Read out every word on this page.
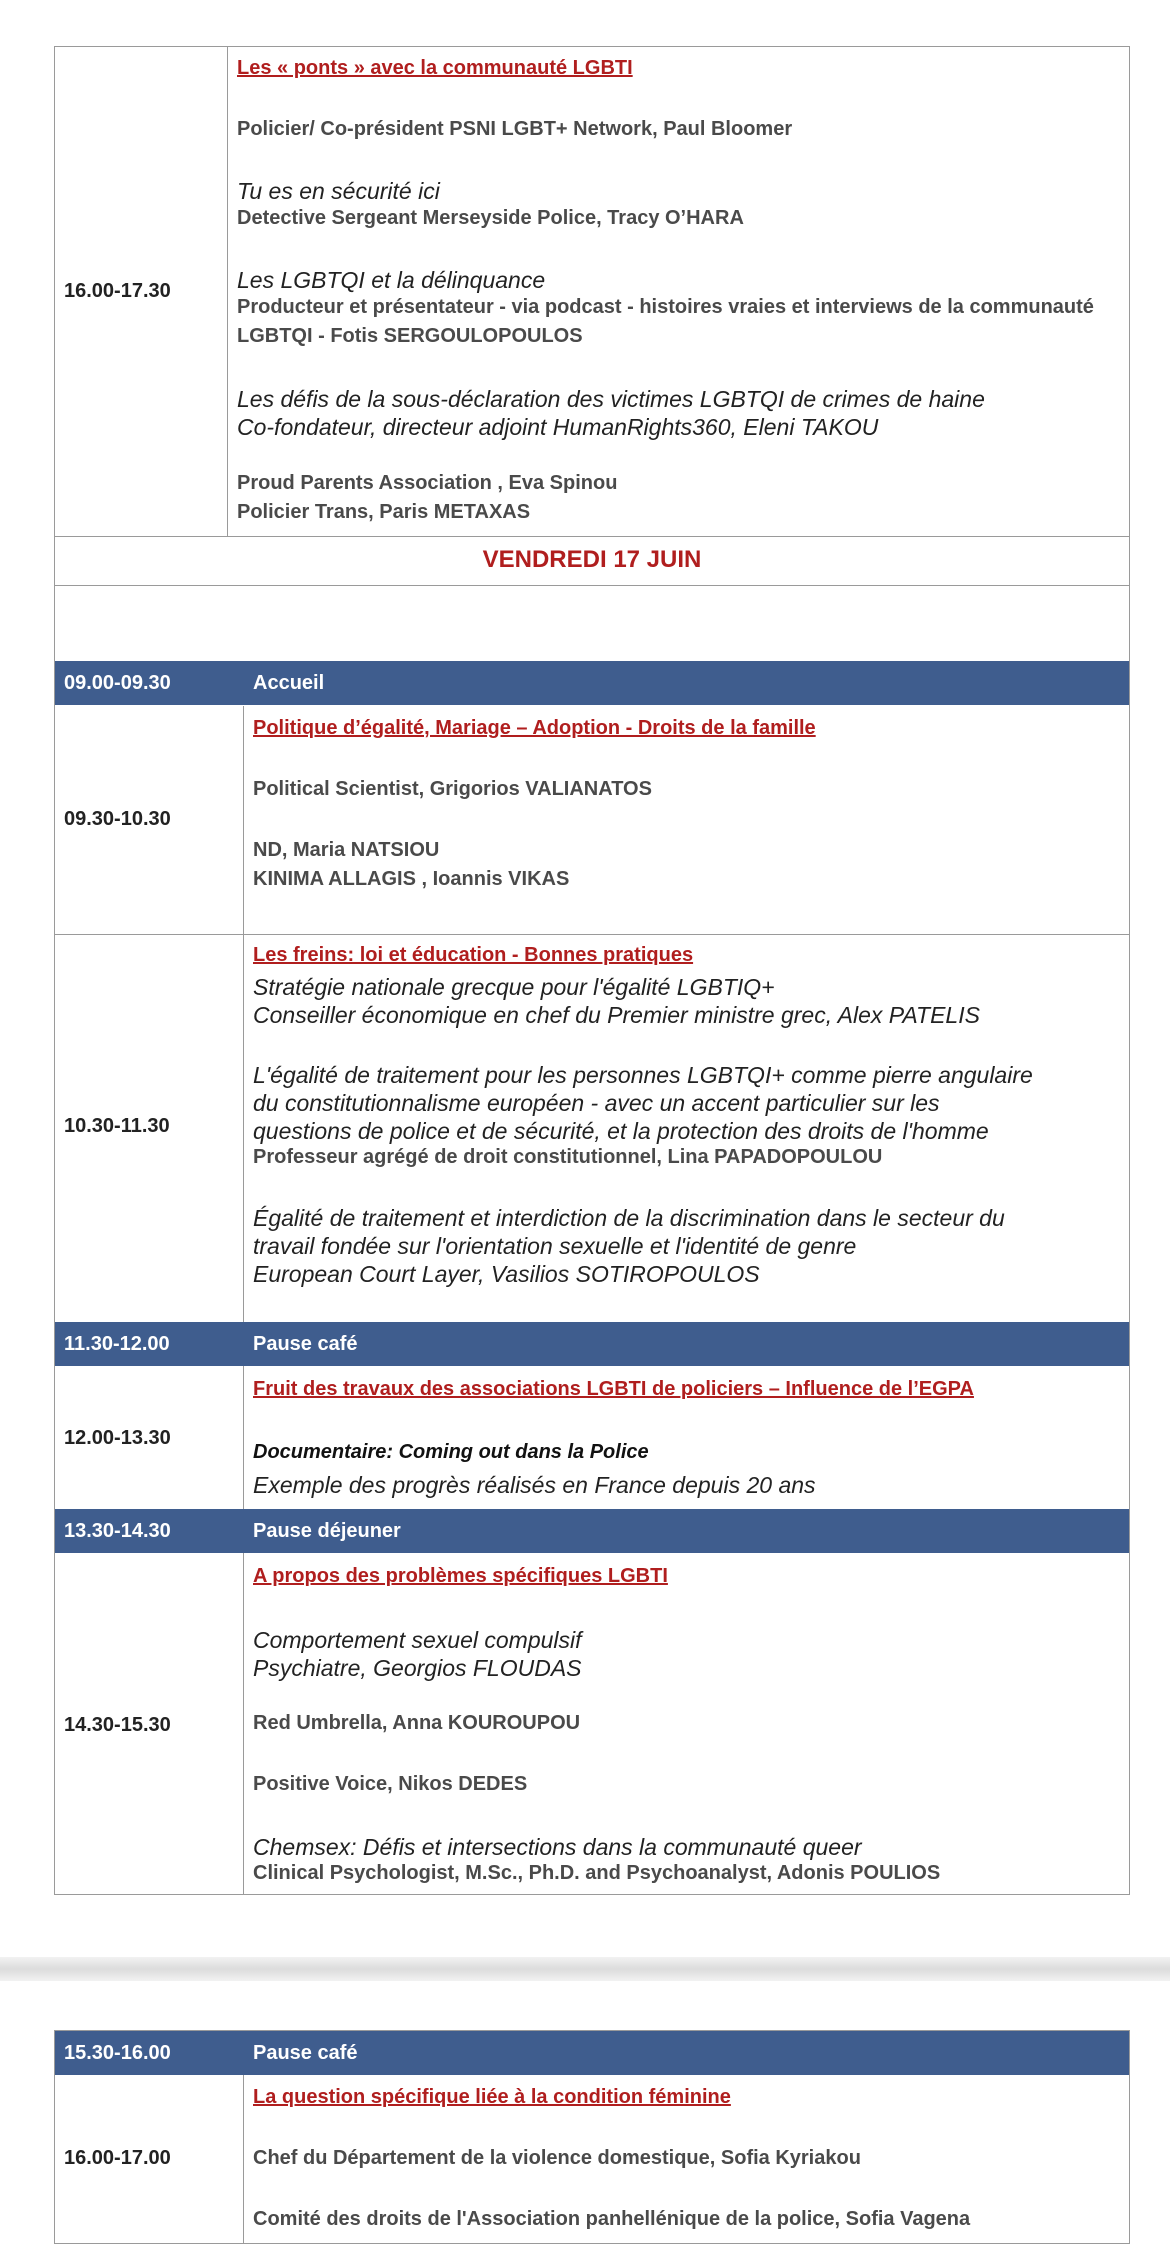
16.00-17.30
Les « ponts » avec la communauté LGBTI
Policier/ Co-président PSNI LGBT+ Network, Paul Bloomer
Tu es en sécurité ici
Detective Sergeant Merseyside Police, Tracy O’HARA
Les LGBTQI et la délinquance
Producteur et présentateur - via podcast - histoires vraies et interviews de la communauté
LGBTQI - Fotis SERGOULOPOULOS
Les défis de la sous-déclaration des victimes LGBTQI de crimes de haine
Co-fondateur, directeur adjoint HumanRights360, Eleni TAKOU
Proud Parents Association , Eva Spinou
Policier Trans, Paris METAXAS
VENDREDI 17 JUIN
09.00-09.30	Accueil
09.30-10.30
Politique d’égalité, Mariage – Adoption - Droits de la famille
Political Scientist, Grigorios VALIANATOS
ND, Maria NATSIOU
KINIMA ALLAGIS , Ioannis VIKAS
10.30-11.30
Les freins: loi et éducation - Bonnes pratiques
Stratégie nationale grecque pour l'égalité LGBTIQ+
Conseiller économique en chef du Premier ministre grec, Alex PATELIS
L'égalité de traitement pour les personnes LGBTQI+ comme pierre angulaire
du constitutionnalisme européen - avec un accent particulier sur les
questions de police et de sécurité, et la protection des droits de l'homme
Professeur agrégé de droit constitutionnel, Lina PAPADOPOULOU
Égalité de traitement et interdiction de la discrimination dans le secteur du
travail fondée sur l'orientation sexuelle et l'identité de genre
European Court Layer, Vasilios SOTIROPOULOS
11.30-12.00	Pause café
12.00-13.30
Fruit des travaux des associations LGBTI de policiers – Influence de l’EGPA
Documentaire: Coming out dans la Police
Exemple des progrès réalisés en France depuis 20 ans
13.30-14.30	Pause déjeuner
14.30-15.30
A propos des problèmes spécifiques LGBTI
Comportement sexuel compulsif
Psychiatre, Georgios FLOUDAS
Red Umbrella, Anna KOUROUPOU
Positive Voice, Nikos DEDES
Chemsex: Défis et intersections dans la communauté queer
Clinical Psychologist, M.Sc., Ph.D. and Psychoanalyst, Adonis POULIOS
15.30-16.00	Pause café
16.00-17.00
La question spécifique liée à la condition féminine
Chef du Département de la violence domestique, Sofia Kyriakou
Comité des droits de l'Association panhellénique de la police, Sofia Vagena
